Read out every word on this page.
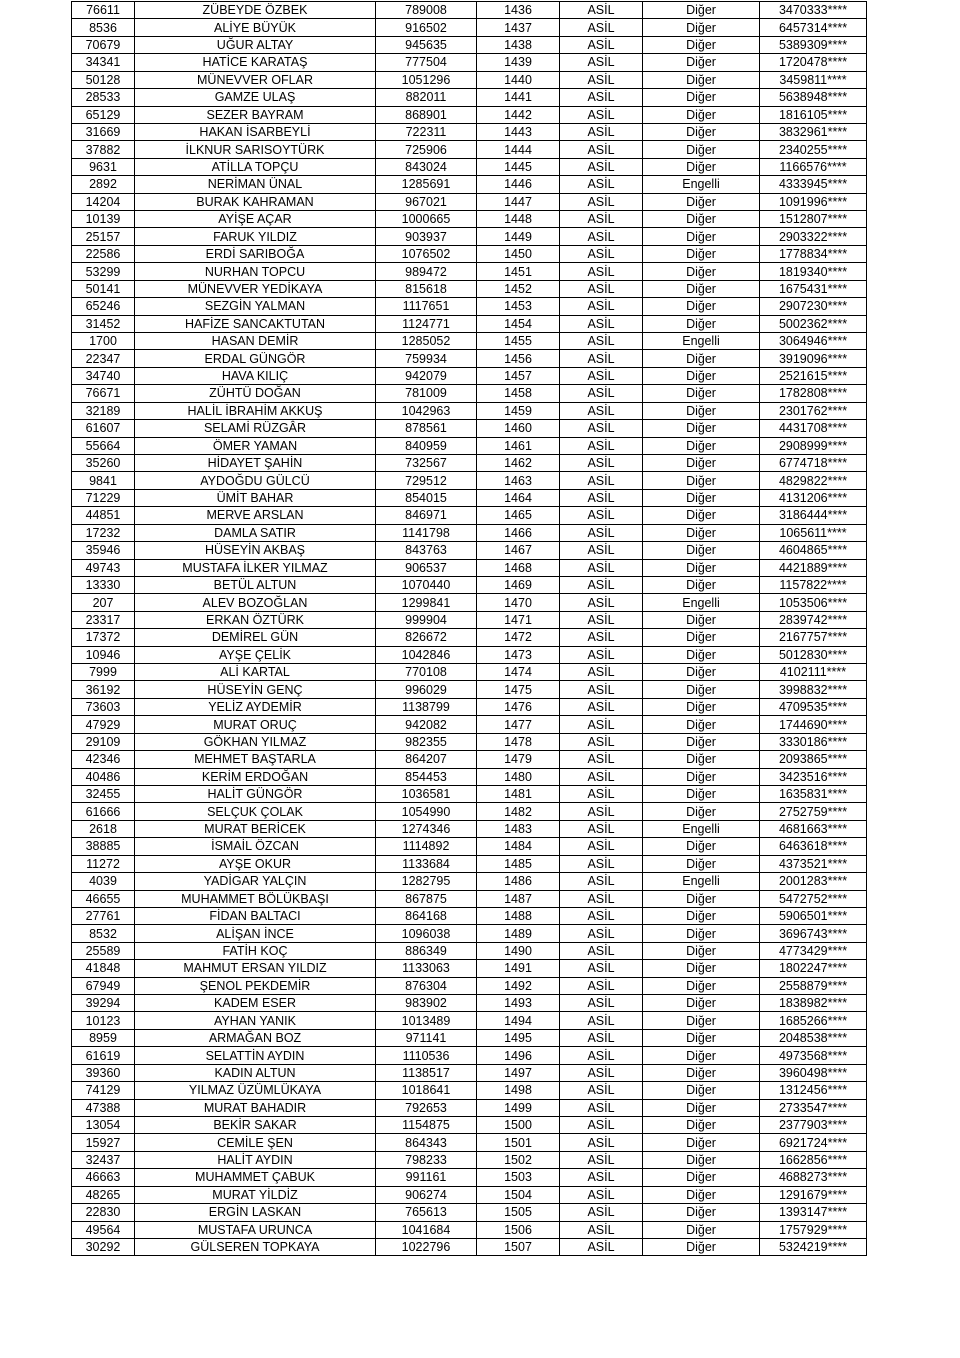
76611	ZÜBEYDE ÖZBEK	789008	1436	ASİL	Diğer	3470333****
8536	ALİYE BÜYÜK	916502	1437	ASİL	Diğer	6457314****
70679	UĞUR ALTAY	945635	1438	ASİL	Diğer	5389309****
34341	HATİCE KARATAŞ	777504	1439	ASİL	Diğer	1720478****
50128	MÜNEVVER OFLAR	1051296	1440	ASİL	Diğer	3459811****
28533	GAMZE ULAŞ	882011	1441	ASİL	Diğer	5638948****
65129	SEZER BAYRAM	868901	1442	ASİL	Diğer	1816105****
31669	HAKAN İSARBEYLİ	722311	1443	ASİL	Diğer	3832961****
37882	İLKNUR SARISOYTÜRK	725906	1444	ASİL	Diğer	2340255****
9631	ATİLLA TOPÇU	843024	1445	ASİL	Diğer	1166576****
2892	NERİMAN ÜNAL	1285691	1446	ASİL	Engelli	4333945****
14204	BURAK KAHRAMAN	967021	1447	ASİL	Diğer	1091996****
10139	AYİŞE AÇAR	1000665	1448	ASİL	Diğer	1512807****
25157	FARUK YILDIZ	903937	1449	ASİL	Diğer	2903322****
22586	ERDİ SARIBOĞA	1076502	1450	ASİL	Diğer	1778834****
53299	NURHAN TOPCU	989472	1451	ASİL	Diğer	1819340****
50141	MÜNEVVER YEDİKAYA	815618	1452	ASİL	Diğer	1675431****
65246	SEZGİN YALMAN	1117651	1453	ASİL	Diğer	2907230****
31452	HAFİZE SANCAKTUTAN	1124771	1454	ASİL	Diğer	5002362****
1700	HASAN DEMİR	1285052	1455	ASİL	Engelli	3064946****
22347	ERDAL GÜNGÖR	759934	1456	ASİL	Diğer	3919096****
34740	HAVA KILIÇ	942079	1457	ASİL	Diğer	2521615****
76671	ZÜHTÜ DOĞAN	781009	1458	ASİL	Diğer	1782808****
32189	HALİL İBRAHİM AKKUŞ	1042963	1459	ASİL	Diğer	2301762****
61607	SELAMİ RÜZGÂR	878561	1460	ASİL	Diğer	4431708****
55664	ÖMER YAMAN	840959	1461	ASİL	Diğer	2908999****
35260	HİDAYET ŞAHİN	732567	1462	ASİL	Diğer	6774718****
9841	AYDOĞDU GÜLCÜ	729512	1463	ASİL	Diğer	4829822****
71229	ÜMİT BAHAR	854015	1464	ASİL	Diğer	4131206****
44851	MERVE ARSLAN	846971	1465	ASİL	Diğer	3186444****
17232	DAMLA SATIR	1141798	1466	ASİL	Diğer	1065611****
35946	HÜSEYİN AKBAŞ	843763	1467	ASİL	Diğer	4604865****
49743	MUSTAFA İLKER YILMAZ	906537	1468	ASİL	Diğer	4421889****
13330	BETÜL ALTUN	1070440	1469	ASİL	Diğer	1157822****
207	ALEV BOZOĞLAN	1299841	1470	ASİL	Engelli	1053506****
23317	ERKAN ÖZTÜRK	999904	1471	ASİL	Diğer	2839742****
17372	DEMİREL GÜN	826672	1472	ASİL	Diğer	2167757****
10946	AYŞE ÇELİK	1042846	1473	ASİL	Diğer	5012830****
7999	ALİ KARTAL	770108	1474	ASİL	Diğer	4102111****
36192	HÜSEYİN GENÇ	996029	1475	ASİL	Diğer	3998832****
73603	YELİZ AYDEMİR	1138799	1476	ASİL	Diğer	4709535****
47929	MURAT ORUÇ	942082	1477	ASİL	Diğer	1744690****
29109	GÖKHAN YILMAZ	982355	1478	ASİL	Diğer	3330186****
42346	MEHMET BAŞTARLA	864207	1479	ASİL	Diğer	2093865****
40486	KERİM ERDOĞAN	854453	1480	ASİL	Diğer	3423516****
32455	HALİT GÜNGÖR	1036581	1481	ASİL	Diğer	1635831****
61666	SELÇUK ÇOLAK	1054990	1482	ASİL	Diğer	2752759****
2618	MURAT BERİCEK	1274346	1483	ASİL	Engelli	4681663****
38885	İSMAİL ÖZCAN	1114892	1484	ASİL	Diğer	6463618****
11272	AYŞE OKUR	1133684	1485	ASİL	Diğer	4373521****
4039	YADİGAR YALÇIN	1282795	1486	ASİL	Engelli	2001283****
46655	MUHAMMET BÖLÜKBAŞI	867875	1487	ASİL	Diğer	5472752****
27761	FİDAN BALTACI	864168	1488	ASİL	Diğer	5906501****
8532	ALİŞAN İNCE	1096038	1489	ASİL	Diğer	3696743****
25589	FATİH KOÇ	886349	1490	ASİL	Diğer	4773429****
41848	MAHMUT ERSAN YILDIZ	1133063	1491	ASİL	Diğer	1802247****
67949	ŞENOL PEKDEMİR	876304	1492	ASİL	Diğer	2558879****
39294	KADEM ESER	983902	1493	ASİL	Diğer	1838982****
10123	AYHAN YANIK	1013489	1494	ASİL	Diğer	1685266****
8959	ARMAĞAN BOZ	971141	1495	ASİL	Diğer	2048538****
61619	SELATTİN AYDIN	1110536	1496	ASİL	Diğer	4973568****
39360	KADIN ALTUN	1138517	1497	ASİL	Diğer	3960498****
74129	YILMAZ ÜZÜMLÜKAYA	1018641	1498	ASİL	Diğer	1312456****
47388	MURAT BAHADIR	792653	1499	ASİL	Diğer	2733547****
13054	BEKİR SAKAR	1154875	1500	ASİL	Diğer	2377903****
15927	CEMİLE ŞEN	864343	1501	ASİL	Diğer	6921724****
32437	HALİT AYDIN	798233	1502	ASİL	Diğer	1662856****
46663	MUHAMMET ÇABUK	991161	1503	ASİL	Diğer	4688273****
48265	MURAT YİLDİZ	906274	1504	ASİL	Diğer	1291679****
22830	ERGİN LASKAN	765613	1505	ASİL	Diğer	1393147****
49564	MUSTAFA URUNCA	1041684	1506	ASİL	Diğer	1757929****
30292	GÜLSEREN TOPKAYA	1022796	1507	ASİL	Diğer	5324219****
